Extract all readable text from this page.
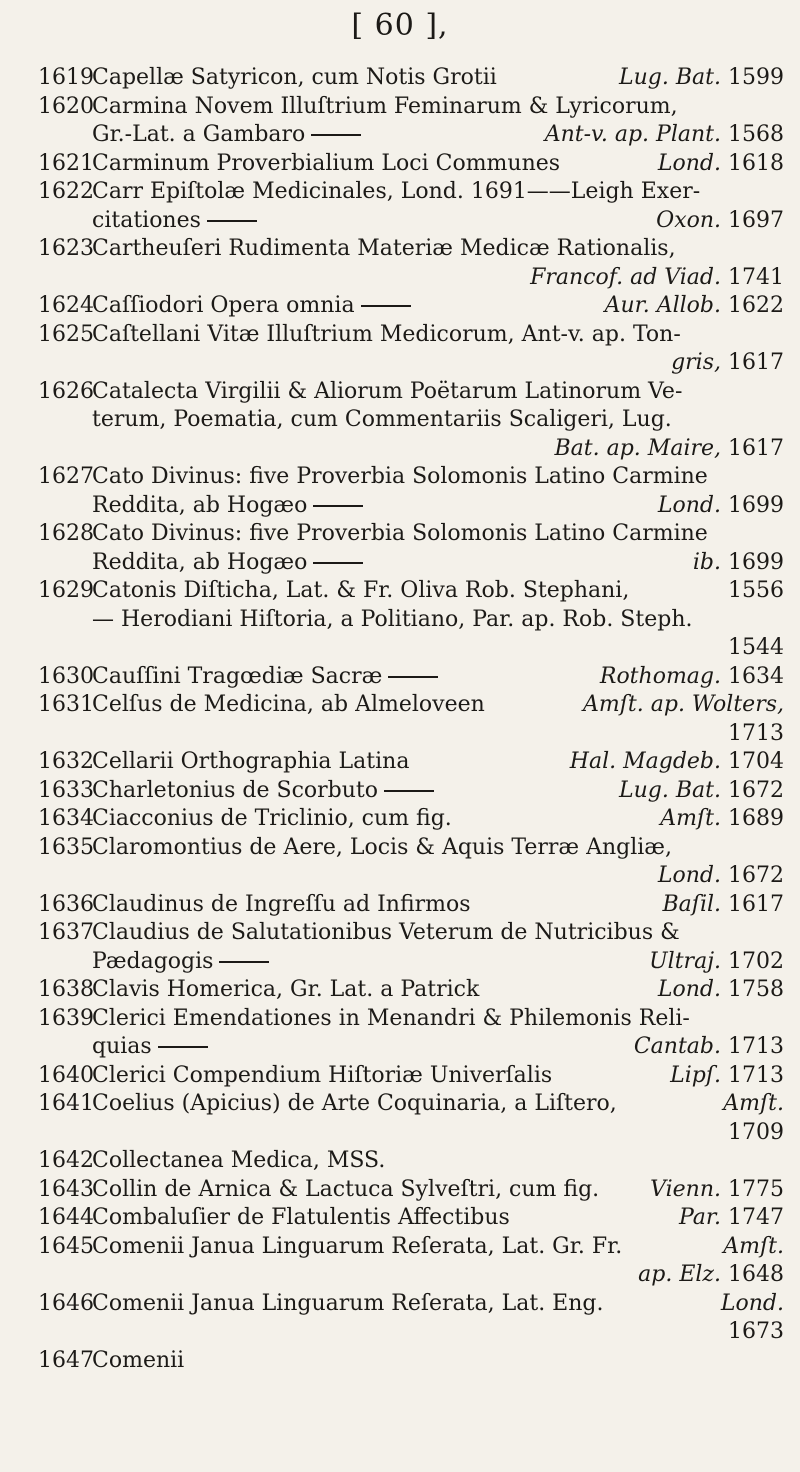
[ 60 ],
1619
Capellæ Satyricon, cum Notis Grotii	Lug. Bat. 1599
1620
Carmina Novem Illuſtrium Feminarum & Lyricorum,
Gr.-Lat. a Gambaro	Ant-v. ap. Plant. 1568
1621
Carminum Proverbialium Loci Communes	Lond. 1618
1622
Carr Epiſtolæ Medicinales, Lond. 1691——Leigh Exer-
citationes	Oxon. 1697
1623
Cartheuſeri Rudimenta Materiæ Medicæ Rationalis,
Francof. ad Viad. 1741
1624
Caſſiodori Opera omnia	Aur. Allob. 1622
1625
Caſtellani Vitæ Illuſtrium Medicorum, Ant-v. ap. Ton-
gris, 1617
1626
Catalecta Virgilii & Aliorum Poëtarum Latinorum Ve-
terum, Poematia, cum Commentariis Scaligeri, Lug.
Bat. ap. Maire, 1617
1627
Cato Divinus: five Proverbia Solomonis Latino Carmine
Reddita, ab Hogæo	Lond. 1699
1628
Cato Divinus: five Proverbia Solomonis Latino Carmine
Reddita, ab Hogæo	ib. 1699
1629
Catonis Diſticha, Lat. & Fr. Oliva Rob. Stephani,	1556
— Herodiani Hiſtoria, a Politiano, Par. ap. Rob. Steph.
1544
1630
Cauſſini Tragœdiæ Sacræ	Rothomag. 1634
1631
Celſus de Medicina, ab Almeloveen	Amſt. ap. Wolters,
1713
1632
Cellarii Orthographia Latina	Hal. Magdeb. 1704
1633
Charletonius de Scorbuto	Lug. Bat. 1672
1634
Ciacconius de Triclinio, cum fig.	Amſt. 1689
1635
Claromontius de Aere, Locis & Aquis Terræ Angliæ,
Lond. 1672
1636
Claudinus de Ingreſſu ad Infirmos	Baſil. 1617
1637
Claudius de Salutationibus Veterum de Nutricibus &
Pædagogis	Ultraj. 1702
1638
Clavis Homerica, Gr. Lat. a Patrick	Lond. 1758
1639
Clerici Emendationes in Menandri & Philemonis Reli-
quias	Cantab. 1713
1640
Clerici Compendium Hiſtoriæ Univerſalis	Lipſ. 1713
1641
Coelius (Apicius) de Arte Coquinaria, a Liſtero,	Amſt.
1709
1642
Collectanea Medica, MSS.
1643
Collin de Arnica & Lactuca Sylveſtri, cum fig. Vienn. 1775
1644
Combaluſier de Flatulentis Affectibus	Par. 1747
1645
Comenii Janua Linguarum Reſerata, Lat. Gr. Fr.	Amſt.
ap. Elz. 1648
1646
Comenii Janua Linguarum Reſerata, Lat. Eng.	Lond.
1673
1647
Comenii
